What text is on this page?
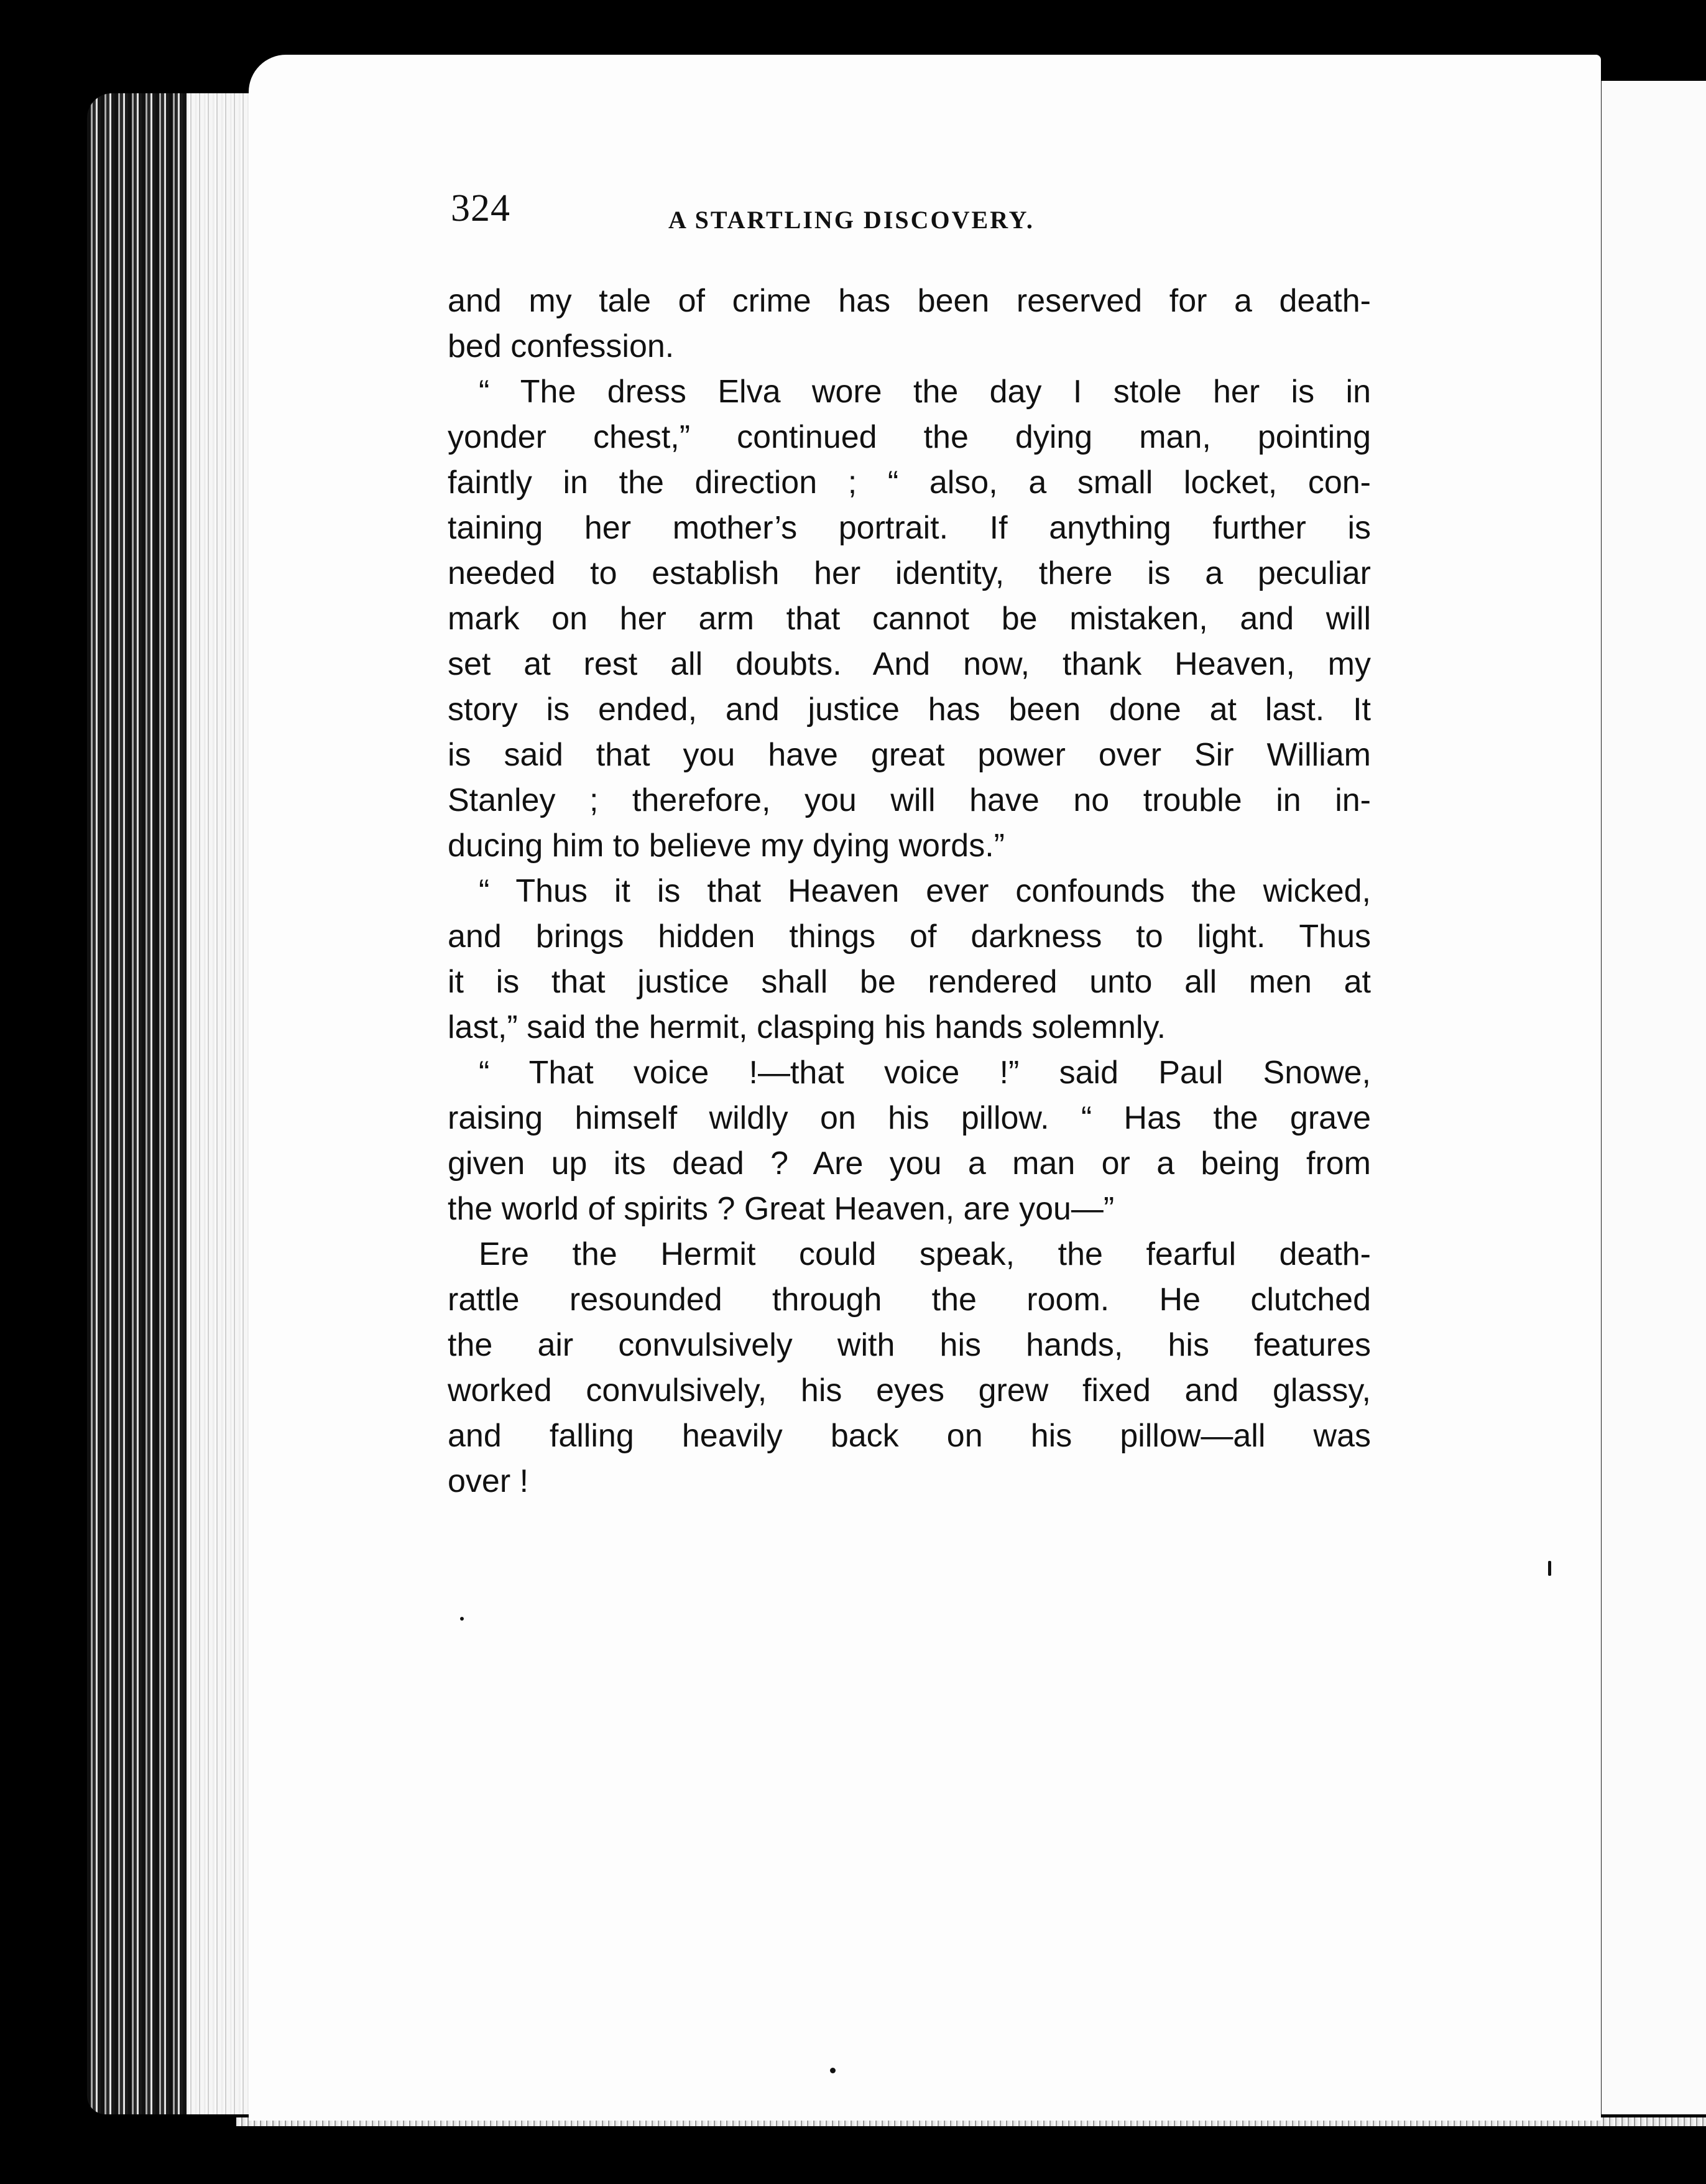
324	A STARTLING DISCOVERY.
and my tale of crime has been reserved for a death-
bed confession.
“ The dress Elva wore the day I stole her is in
yonder chest,” continued the dying man, pointing
faintly in the direction ; “ also, a small locket, con-
taining her mother’s portrait. If anything further is
needed to establish her identity, there is a peculiar
mark on her arm that cannot be mistaken, and will
set at rest all doubts. And now, thank Heaven, my
story is ended, and justice has been done at last. It
is said that you have great power over Sir William
Stanley ; therefore, you will have no trouble in in-
ducing him to believe my dying words.”
“ Thus it is that Heaven ever confounds the wicked,
and brings hidden things of darkness to light. Thus
it is that justice shall be rendered unto all men at
last,” said the hermit, clasping his hands solemnly.
“ That voice !—that voice !” said Paul Snowe,
raising himself wildly on his pillow. “ Has the grave
given up its dead ? Are you a man or a being from
the world of spirits ? Great Heaven, are you—”
Ere the Hermit could speak, the fearful death-
rattle resounded through the room. He clutched
the air convulsively with his hands, his features
worked convulsively, his eyes grew fixed and glassy,
and falling heavily back on his pillow—all was
over !
